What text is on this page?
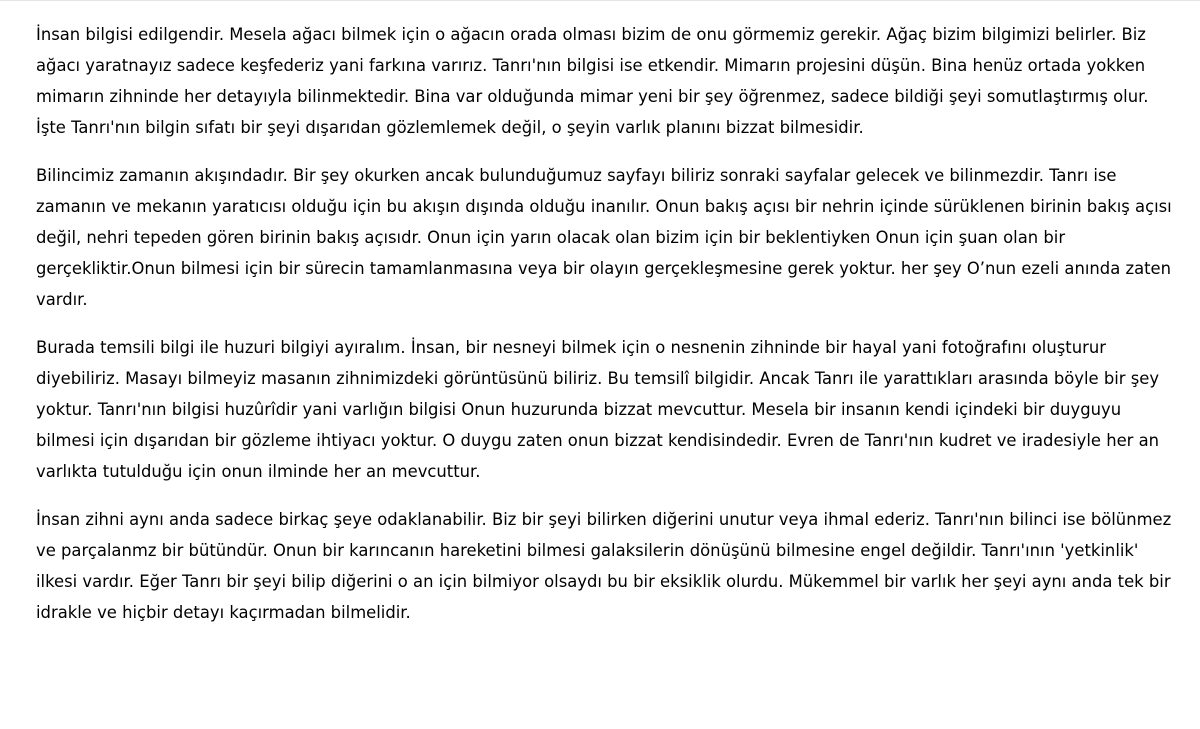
İnsan bilgisi edilgendir. Mesela ağacı bilmek için o ağacın orada olması bizim de onu görmemiz gerekir. Ağaç bizim bilgimizi belirler. Biz ağacı yaratnayız sadece keşfederiz yani farkına varırız. Tanrı'nın bilgisi ise etkendir. Mimarın projesini düşün. Bina henüz ortada yokken mimarın zihninde her detayıyla bilinmektedir. Bina var olduğunda mimar yeni bir şey öğrenmez, sadece bildiği şeyi somutlaştırmış olur. İşte Tanrı'nın bilgin sıfatı bir şeyi dışarıdan gözlemlemek değil, o şeyin varlık planını bizzat bilmesidir.

Bilincimiz zamanın akışındadır. Bir şey okurken ancak bulunduğumuz sayfayı biliriz sonraki sayfalar gelecek ve bilinmezdir. Tanrı ise zamanın ve mekanın yaratıcısı olduğu için bu akışın dışında olduğu inanılır. Onun bakış açısı bir nehrin içinde sürüklenen birinin bakış açısı değil, nehri tepeden gören birinin bakış açısıdr. Onun için yarın olacak olan bizim için bir beklentiyken Onun için şuan olan bir gerçekliktir.Onun bilmesi için bir sürecin tamamlanmasına veya bir olayın gerçekleşmesine gerek yoktur. her şey O’nun ezeli anında zaten vardır.

Burada temsili bilgi ile huzuri bilgiyi ayıralım. İnsan, bir nesneyi bilmek için o nesnenin zihninde bir hayal yani fotoğrafını oluşturur diyebiliriz. Masayı bilmeyiz masanın zihnimizdeki görüntüsünü biliriz. Bu temsilî bilgidir. Ancak Tanrı ile yarattıkları arasında böyle bir şey yoktur. Tanrı'nın bilgisi huzûrîdir yani varlığın bilgisi Onun huzurunda bizzat mevcuttur. Mesela bir insanın kendi içindeki bir duyguyu bilmesi için dışarıdan bir gözleme ihtiyacı yoktur. O duygu zaten onun bizzat kendisindedir. Evren de Tanrı'nın kudret ve iradesiyle her an varlıkta tutulduğu için onun ilminde her an mevcuttur.

İnsan zihni aynı anda sadece birkaç şeye odaklanabilir. Biz bir şeyi bilirken diğerini unutur veya ihmal ederiz. Tanrı'nın bilinci ise bölünmez ve parçalanmz bir bütündür. Onun bir karıncanın hareketini bilmesi galaksilerin dönüşünü bilmesine engel değildir. Tanrı'ının 'yetkinlik' ilkesi vardır. Eğer Tanrı bir şeyi bilip diğerini o an için bilmiyor olsaydı bu bir eksiklik olurdu. Mükemmel bir varlık her şeyi aynı anda tek bir idrakle ve hiçbir detayı kaçırmadan bilmelidir.
